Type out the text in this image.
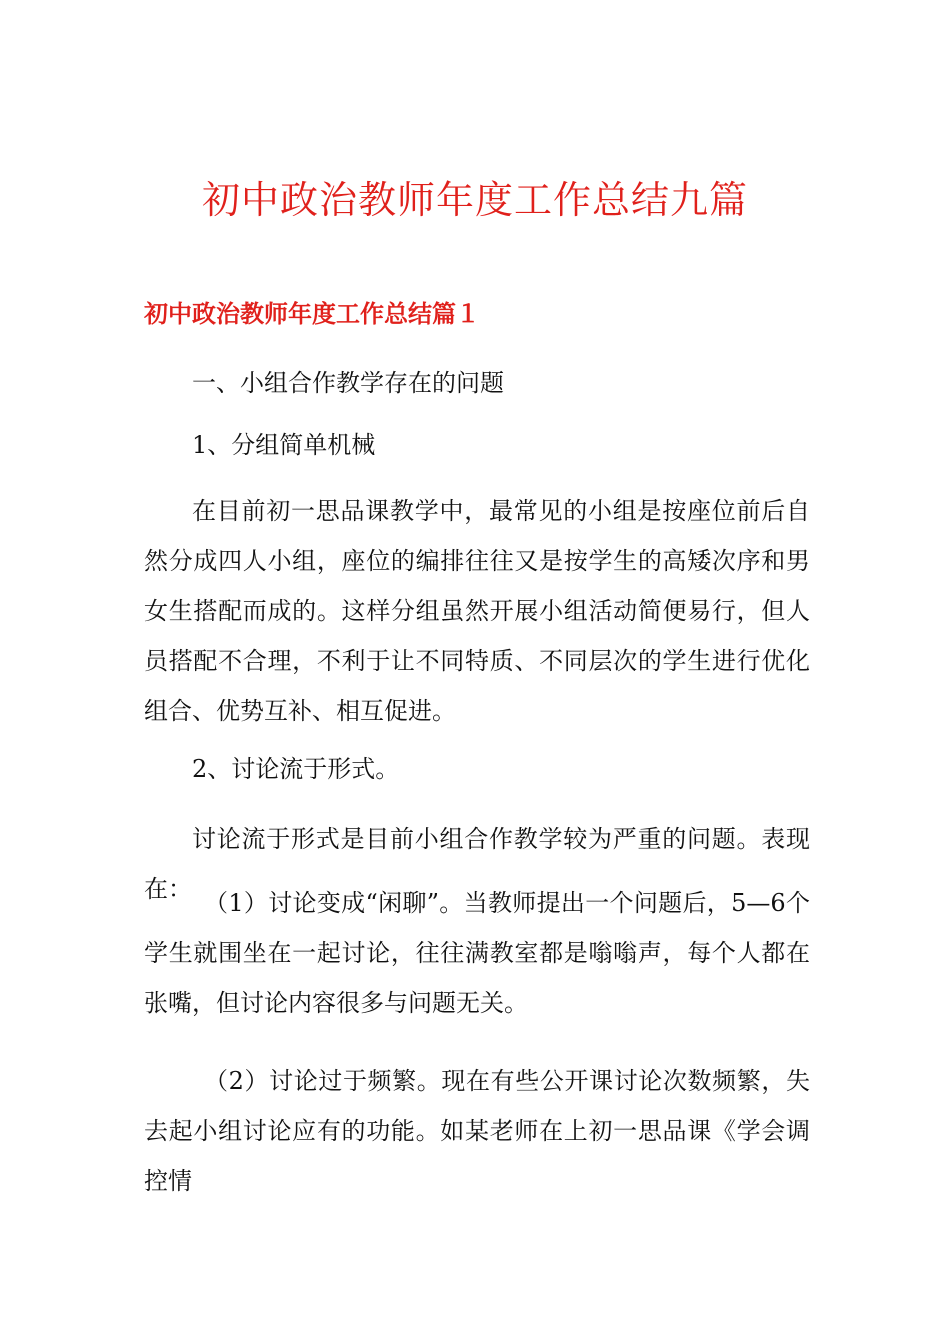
初中政治教师年度工作总结九篇
初中政治教师年度工作总结篇１
一、小组合作教学存在的问题
1、分组简单机械
在目前初一思品课教学中，最常见的小组是按座位前后自然分成四人小组，座位的编排往往又是按学生的高矮次序和男女生搭配而成的。这样分组虽然开展小组活动简便易行，但人员搭配不合理，不利于让不同特质、不同层次的学生进行优化组合、优势互补、相互促进。
2、讨论流于形式。
讨论流于形式是目前小组合作教学较为严重的问题。表现在： （1）讨论变成“闲聊”。当教师提出一个问题后，5—6个学生就围坐在一起讨论，往往满教室都是嗡嗡声，每个人都在张嘴，但讨论内容很多与问题无关。
（2）讨论过于频繁。现在有些公开课讨论次数频繁，失去起小组讨论应有的功能。如某老师在上初一思品课《学会调控情
